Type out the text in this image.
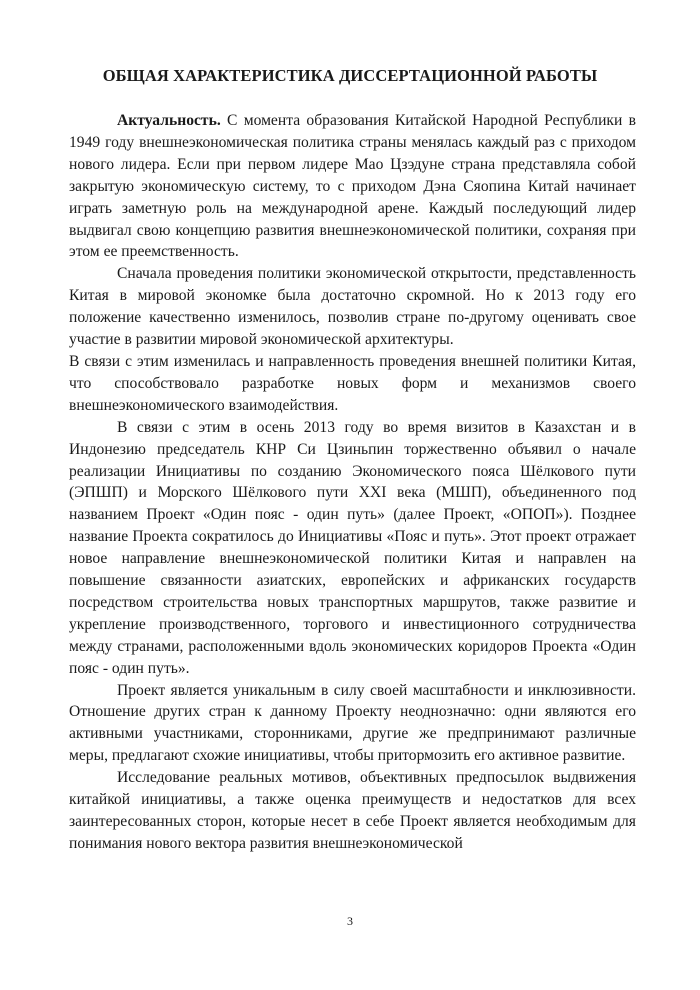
ОБЩАЯ ХАРАКТЕРИСТИКА ДИССЕРТАЦИОННОЙ РАБОТЫ

Актуальность. С момента образования Китайской Народной Республики в 1949 году внешнеэкономическая политика страны менялась каждый раз с приходом нового лидера. Если при первом лидере Мао Цзэдуне страна представляла собой закрытую экономическую систему, то с приходом Дэна Сяопина Китай начинает играть заметную роль на международной арене. Каждый последующий лидер выдвигал свою концепцию развития внешнеэкономической политики, сохраняя при этом ее преемственность.

Сначала проведения политики экономической открытости, представленность Китая в мировой экономке была достаточно скромной. Но к 2013 году его положение качественно изменилось, позволив стране по-другому оценивать свое участие в развитии мировой экономической архитектуры.

В связи с этим изменилась и направленность проведения внешней политики Китая, что способствовало разработке новых форм и механизмов своего внешнеэкономического взаимодействия.

В связи с этим в осень 2013 году во время визитов в Казахстан и в Индонезию председатель КНР Си Цзиньпин торжественно объявил о начале реализации Инициативы по созданию Экономического пояса Шёлкового пути (ЭПШП) и Морского Шёлкового пути XXI века (МШП), объединенного под названием Проект «Один пояс - один путь» (далее Проект, «ОПОП»). Позднее название Проекта сократилось до Инициативы «Пояс и путь». Этот проект отражает новое направление внешнеэкономической политики Китая и направлен на повышение связанности азиатских, европейских и африканских государств посредством строительства новых транспортных маршрутов, также развитие и укрепление производственного, торгового и инвестиционного сотрудничества между странами, расположенными вдоль экономических коридоров Проекта «Один пояс - один путь».

Проект является уникальным в силу своей масштабности и инклюзивности. Отношение других стран к данному Проекту неоднозначно: одни являются его активными участниками, сторонниками, другие же предпринимают различные меры, предлагают схожие инициативы, чтобы притормозить его активное развитие.

Исследование реальных мотивов, объективных предпосылок выдвижения китайкой инициативы, а также оценка преимуществ и недостатков для всех заинтересованных сторон, которые несет в себе Проект является необходимым для понимания нового вектора развития внешнеэкономической

3
